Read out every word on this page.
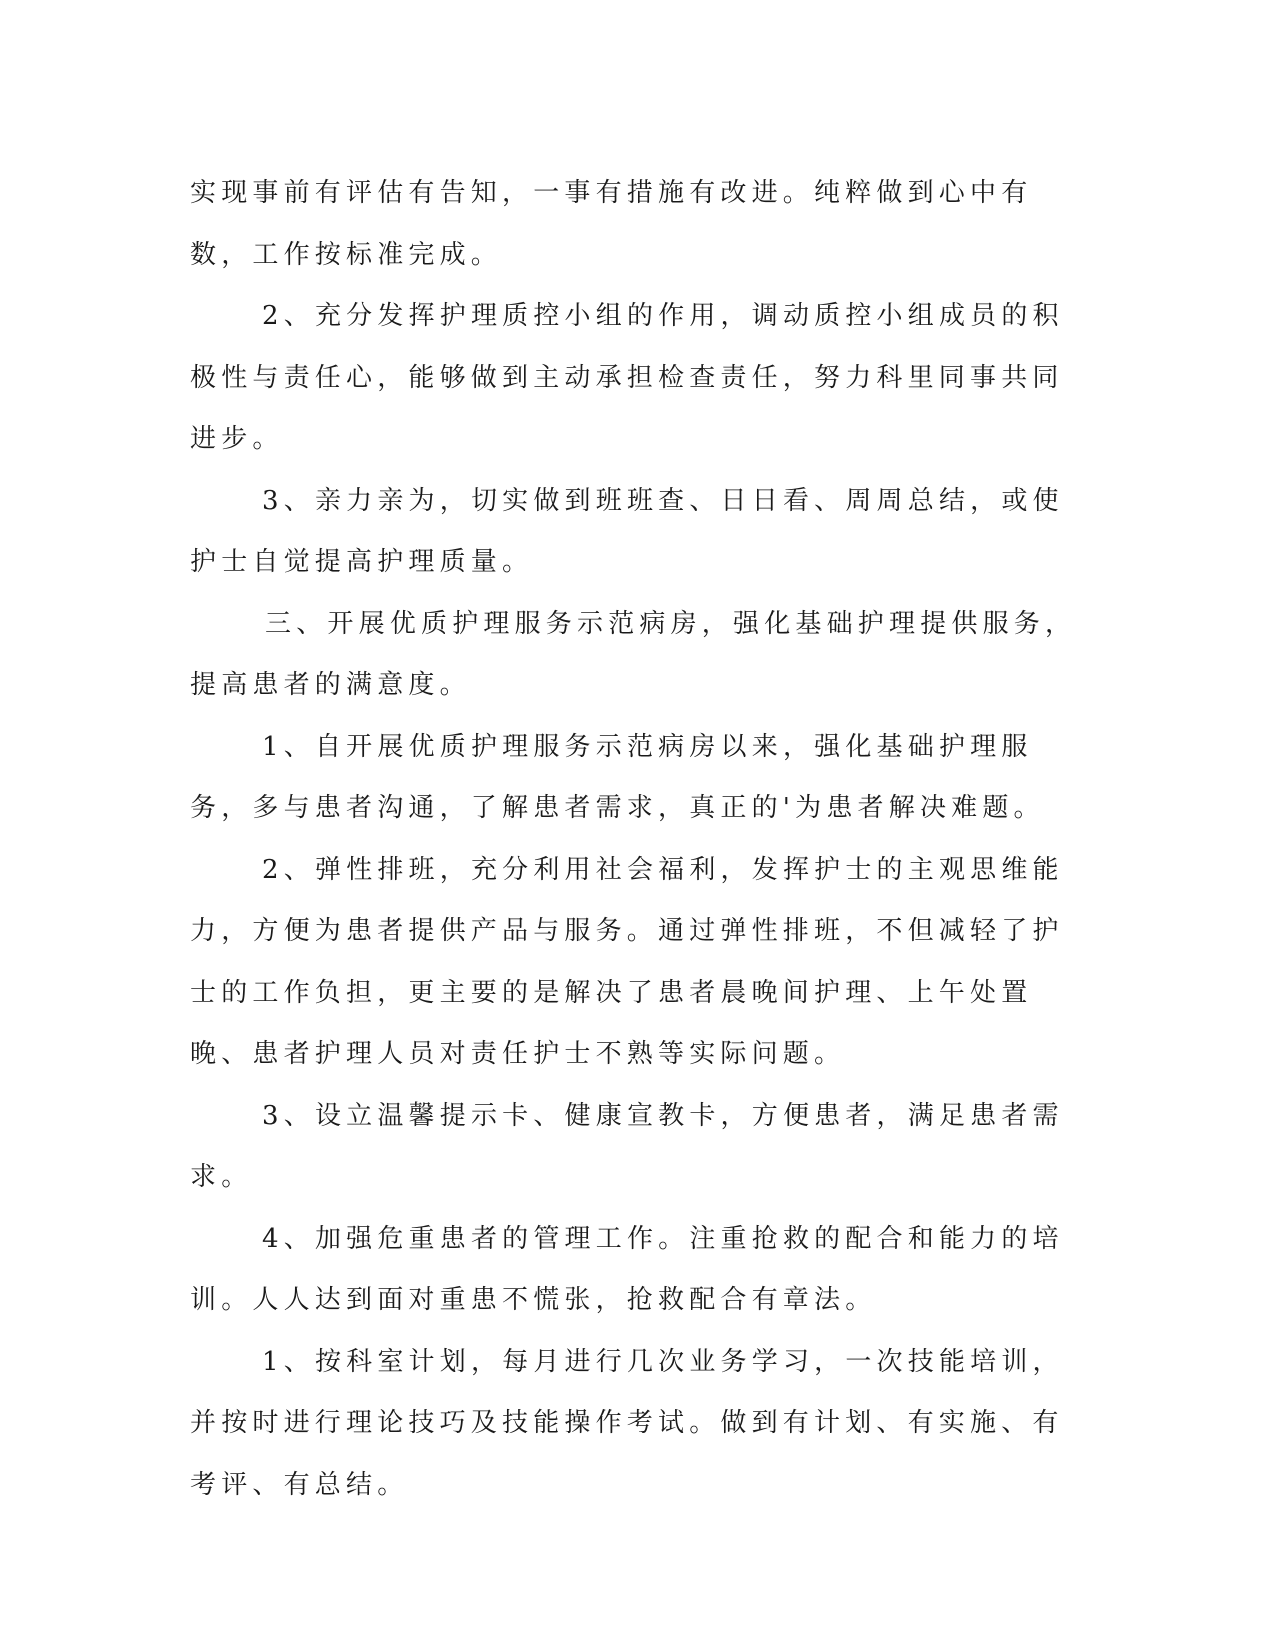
实现事前有评估有告知，一事有措施有改进。纯粹做到心中有数，工作按标准完成。

2、充分发挥护理质控小组的作用，调动质控小组成员的积极性与责任心，能够做到主动承担检查责任，努力科里同事共同进步。

3、亲力亲为，切实做到班班查、日日看、周周总结，或使护士自觉提高护理质量。

三、开展优质护理服务示范病房，强化基础护理提供服务，提高患者的满意度。

1、自开展优质护理服务示范病房以来，强化基础护理服务，多与患者沟通，了解患者需求，真正的'为患者解决难题。

2、弹性排班，充分利用社会福利，发挥护士的主观思维能力，方便为患者提供产品与服务。通过弹性排班，不但减轻了护士的工作负担，更主要的是解决了患者晨晚间护理、上午处置晚、患者护理人员对责任护士不熟等实际问题。

3、设立温馨提示卡、健康宣教卡，方便患者，满足患者需求。

4、加强危重患者的管理工作。注重抢救的配合和能力的培训。人人达到面对重患不慌张，抢救配合有章法。

1、按科室计划，每月进行几次业务学习，一次技能培训，并按时进行理论技巧及技能操作考试。做到有计划、有实施、有考评、有总结。
